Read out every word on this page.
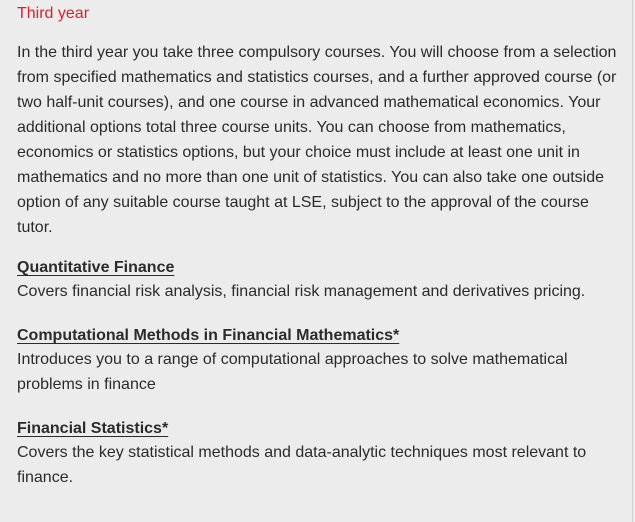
Third year

In the third year you take three compulsory courses. You will choose from a selection from specified mathematics and statistics courses, and a further approved course (or two half-unit courses), and one course in advanced mathematical economics. Your additional options total three course units. You can choose from mathematics, economics or statistics options, but your choice must include at least one unit in mathematics and no more than one unit of statistics. You can also take one outside option of any suitable course taught at LSE, subject to the approval of the course tutor.

Quantitative Finance

Covers financial risk analysis, financial risk management and derivatives pricing.

Computational Methods in Financial Mathematics*

Introduces you to a range of computational approaches to solve mathematical problems in finance

Financial Statistics*

Covers the key statistical methods and data-analytic techniques most relevant to finance.
